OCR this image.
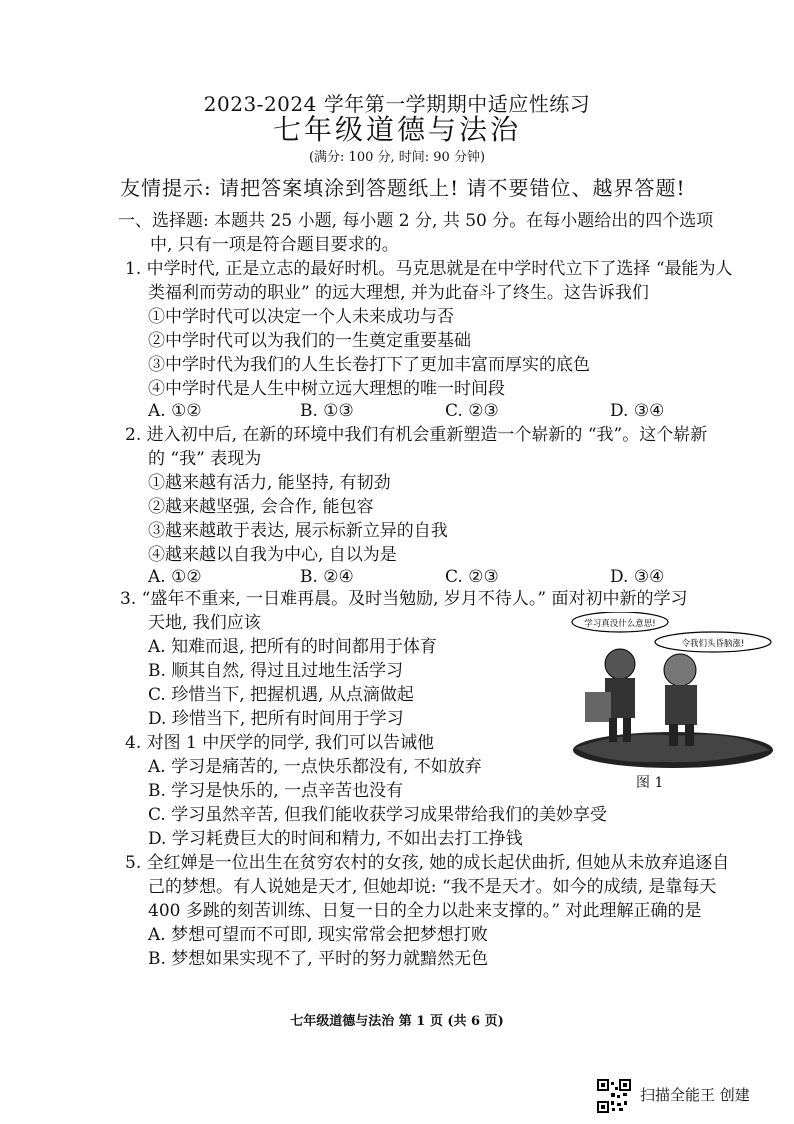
2023-2024 学年第一学期期中适应性练习
七年级道德与法治
(满分: 100 分, 时间: 90 分钟)
友情提示: 请把答案填涂到答题纸上! 请不要错位、越界答题!
一、选择题: 本题共 25 小题, 每小题 2 分, 共 50 分。在每小题给出的四个选项
中, 只有一项是符合题目要求的。
1. 中学时代, 正是立志的最好时机。马克思就是在中学时代立下了选择 “最能为人
类福利而劳动的职业” 的远大理想, 并为此奋斗了终生。这告诉我们
①中学时代可以决定一个人未来成功与否
②中学时代可以为我们的一生奠定重要基础
③中学时代为我们的人生长卷打下了更加丰富而厚实的底色
④中学时代是人生中树立远大理想的唯一时间段
A. ①②	B. ①③	C. ②③	D. ③④
2. 进入初中后, 在新的环境中我们有机会重新塑造一个崭新的 “我”。这个崭新
的 “我” 表现为
①越来越有活力, 能坚持, 有韧劲
②越来越坚强, 会合作, 能包容
③越来越敢于表达, 展示标新立异的自我
④越来越以自我为中心, 自以为是
A. ①②	B. ②④	C. ②③	D. ③④
3. “盛年不重来, 一日难再晨。及时当勉励, 岁月不待人。” 面对初中新的学习
天地, 我们应该
A. 知难而退, 把所有的时间都用于体育
B. 顺其自然, 得过且过地生活学习
C. 珍惜当下, 把握机遇, 从点滴做起
D. 珍惜当下, 把所有时间用于学习
4. 对图 1 中厌学的同学, 我们可以告诫他
A. 学习是痛苦的, 一点快乐都没有, 不如放弃
B. 学习是快乐的, 一点辛苦也没有
C. 学习虽然辛苦, 但我们能收获学习成果带给我们的美妙享受
D. 学习耗费巨大的时间和精力, 不如出去打工挣钱
5. 全红婵是一位出生在贫穷农村的女孩, 她的成长起伏曲折, 但她从未放弃追逐自
己的梦想。有人说她是天才, 但她却说: “我不是天才。如今的成绩, 是靠每天
400 多跳的刻苦训练、日复一日的全力以赴来支撑的。” 对此理解正确的是
A. 梦想可望而不可即, 现实常常会把梦想打败
B. 梦想如果实现不了, 平时的努力就黯然无色
学习真没什么意思!
令我们头昏脑涨!
图 1
七年级道德与法治 第 1 页 (共 6 页)
扫描全能王 创建
